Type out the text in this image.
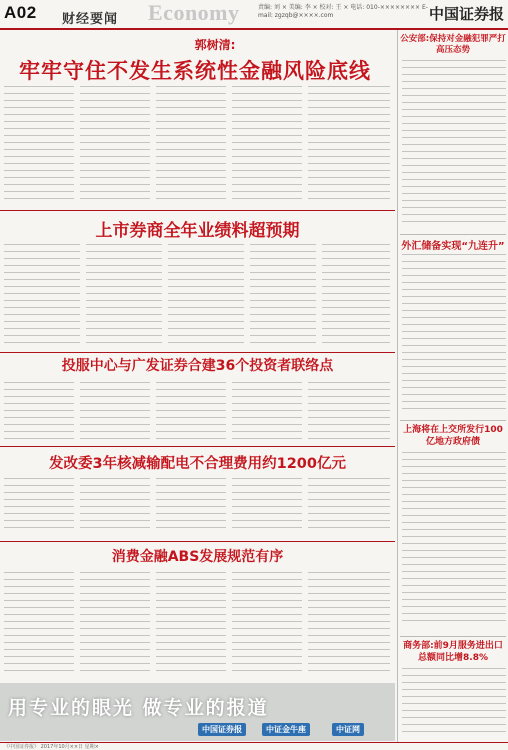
A02 财经要闻 Economy	责编: 刘 × 美编: 李 × 校对: 王 × 电话: 010-×××××××× E-mail: zgzqb@××××.com	中国证券报
郭树清:
牢牢守住不发生系统性金融风险底线
上市券商全年业绩料超预期
投服中心与广发证券合建36个投资者联络点
发改委3年核减输配电不合理费用约1200亿元
消费金融ABS发展规范有序
用专业的眼光 做专业的报道
中国证券报	中证金牛座	中证网
公安部:保持对金融犯罪严打高压态势
外汇储备实现“九连升”
上海将在上交所发行100亿地方政府债
商务部:前9月服务进出口总额同比增8.8%
《中国证券报》 2017年10月××日 星期×
